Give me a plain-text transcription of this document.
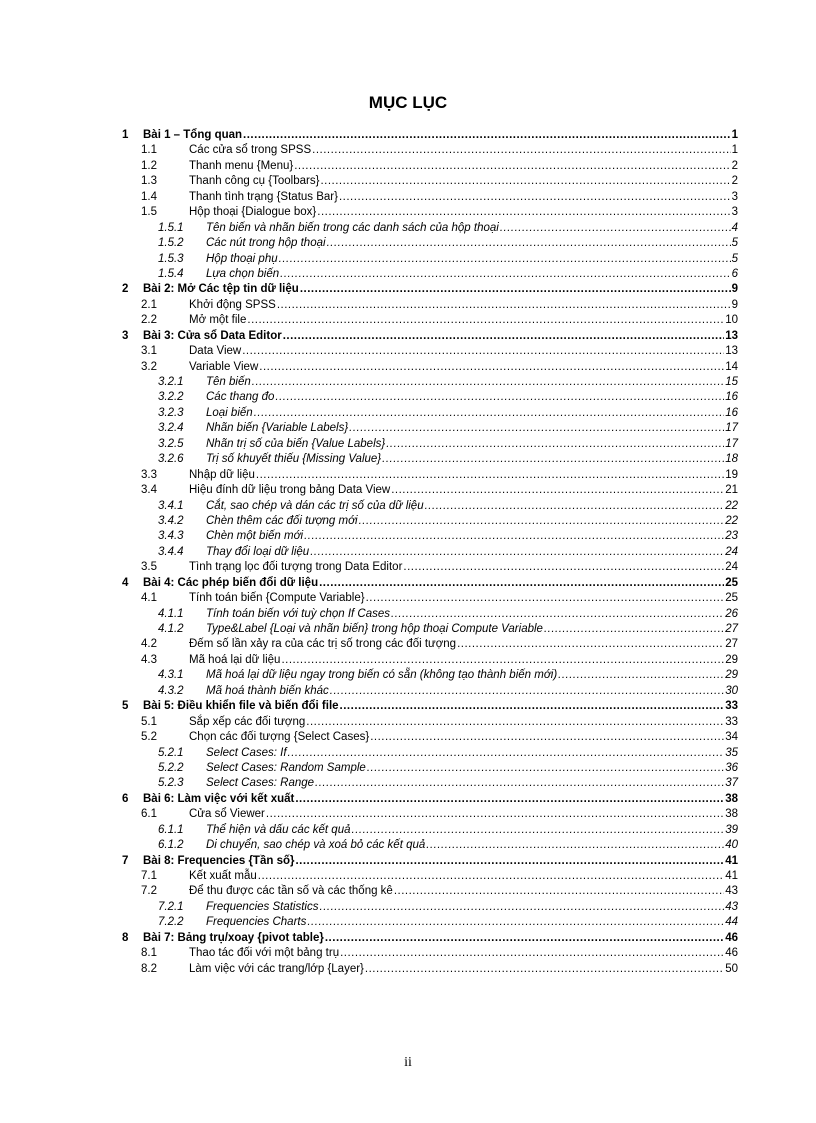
MỤC LỤC
1 Bài 1 – Tổng quan .....	1
1.1	Các cửa sổ trong SPSS .....	1
1.2	Thanh menu {Menu} .....	2
1.3	Thanh công cụ {Toolbars} .....	2
1.4	Thanh tình trạng {Status Bar} .....	3
1.5	Hộp thoại {Dialogue box} .....	3
1.5.1 Tên biến và nhãn biến trong các danh sách của hộp thoại .....	4
1.5.2 Các nút trong hộp thoại .....	5
1.5.3 Hộp thoại phụ .....	5
1.5.4 Lựa chọn biến .....	6
2 Bài 2: Mở Các tệp tin dữ liệu .....	9
2.1	Khởi động SPSS .....	9
2.2	Mở một file .....	10
3 Bài 3: Cửa sổ Data Editor .....	13
3.1	Data View .....	13
3.2	Variable View .....	14
3.2.1 Tên biến .....	15
3.2.2 Các thang đo .....	16
3.2.3 Loại biến .....	16
3.2.4 Nhãn biến {Variable Labels} .....	17
3.2.5 Nhãn trị số của biến {Value Labels} .....	17
3.2.6 Trị số khuyết thiếu {Missing Value} .....	18
3.3	Nhập dữ liệu .....	19
3.4	Hiệu đính dữ liệu trong bảng Data View .....	21
3.4.1 Cắt, sao chép và dán các trị số của dữ liệu .....	22
3.4.2 Chèn thêm các đối tượng mới .....	22
3.4.3 Chèn một biến mới .....	23
3.4.4 Thay đổi loại dữ liệu .....	24
3.5	Tình trạng lọc đối tượng trong Data Editor .....	24
4 Bài 4: Các phép biến đổi dữ liệu .....	25
4.1	Tính toán biến {Compute Variable} .....	25
4.1.1 Tính toán biến với tuỳ chọn If Cases .....	26
4.1.2 Type&Label {Loại và nhãn biến} trong hộp thoại Compute Variable .....	27
4.2	Đếm số lần xảy ra của các trị số trong các đối tượng .....	27
4.3	Mã hoá lại dữ liệu .....	29
4.3.1 Mã hoá lại dữ liệu ngay trong biến có sẵn (không tạo thành biến mới) .....	29
4.3.2 Mã hoá thành biến khác .....	30
5 Bài 5: Điều khiển file và biến đổi file .....	33
5.1	Sắp xếp các đối tượng .....	33
5.2	Chọn các đối tượng {Select Cases} .....	34
5.2.1 Select Cases: If .....	35
5.2.2 Select Cases: Random Sample .....	36
5.2.3 Select Cases: Range .....	37
6 Bài 6: Làm việc với kết xuất .....	38
6.1	Cửa sổ Viewer .....	38
6.1.1 Thể hiện và dấu các kết quả .....	39
6.1.2 Di chuyển, sao chép và xoá bỏ các kết quả .....	40
7 Bài 8: Frequencies {Tần số} .....	41
7.1	Kết xuất mẫu .....	41
7.2	Để thu được các tần số và các thống kê .....	43
7.2.1 Frequencies Statistics .....	43
7.2.2 Frequencies Charts .....	44
8 Bài 7: Bảng trụ/xoay {pivot table} .....	46
8.1	Thao tác đối với một bảng trụ .....	46
8.2	Làm việc với các trang/lớp {Layer} .....	50
ii
